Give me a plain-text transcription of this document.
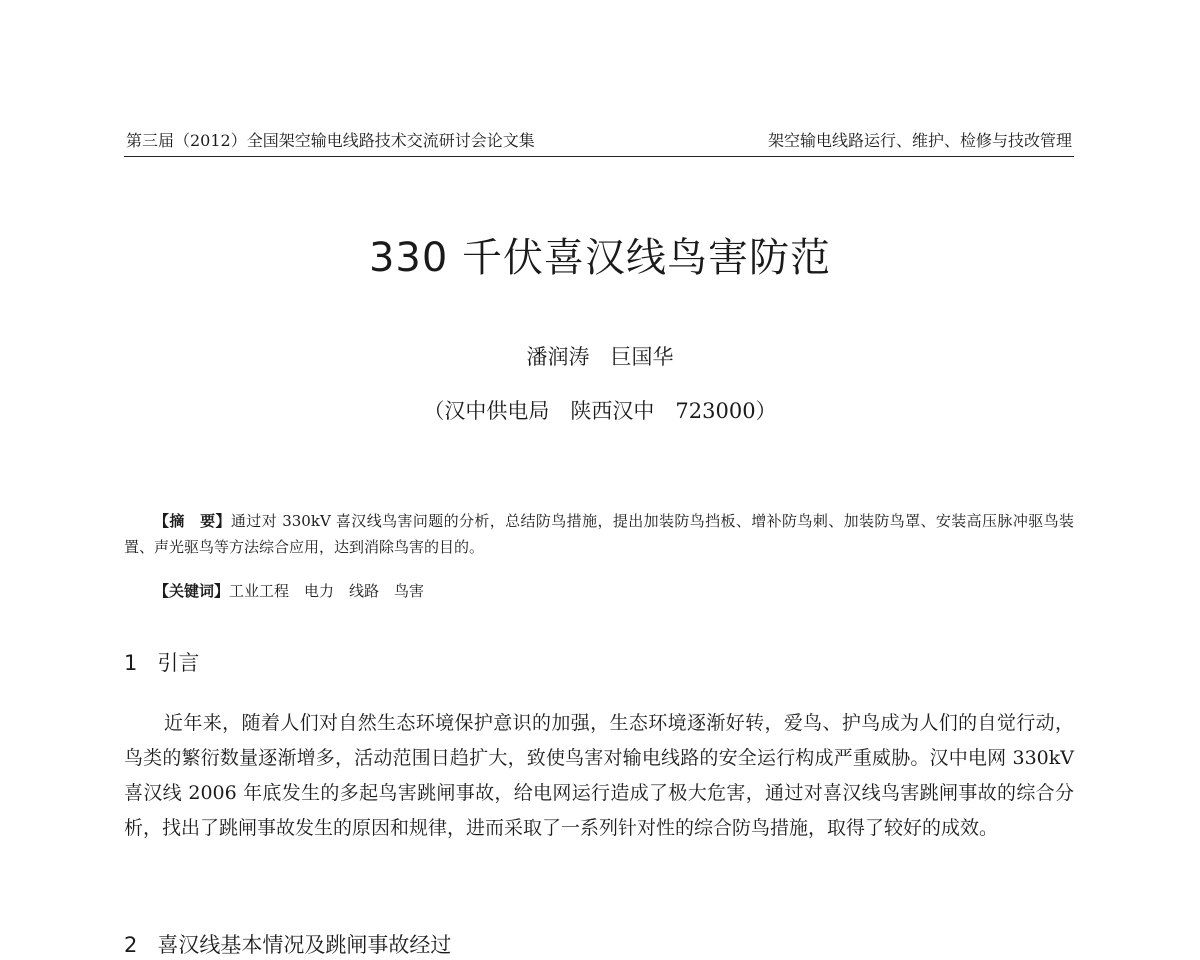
第三届（2012）全国架空输电线路技术交流研讨会论文集	架空输电线路运行、维护、检修与技改管理
330 千伏喜汉线鸟害防范
潘润涛　巨国华
（汉中供电局　陕西汉中　723000）

【摘　要】通过对 330kV 喜汉线鸟害问题的分析，总结防鸟措施，提出加装防鸟挡板、增补防鸟刺、加装防鸟罩、安装高压脉冲驱鸟装置、声光驱鸟等方法综合应用，达到消除鸟害的目的。

【关键词】工业工程　电力　线路　鸟害

1 引言

近年来，随着人们对自然生态环境保护意识的加强，生态环境逐渐好转，爱鸟、护鸟成为人们的自觉行动，鸟类的繁衍数量逐渐增多，活动范围日趋扩大，致使鸟害对输电线路的安全运行构成严重威胁。汉中电网 330kV 喜汉线 2006 年底发生的多起鸟害跳闸事故，给电网运行造成了极大危害，通过对喜汉线鸟害跳闸事故的综合分析，找出了跳闸事故发生的原因和规律，进而采取了一系列针对性的综合防鸟措施，取得了较好的成效。

2 喜汉线基本情况及跳闸事故经过
